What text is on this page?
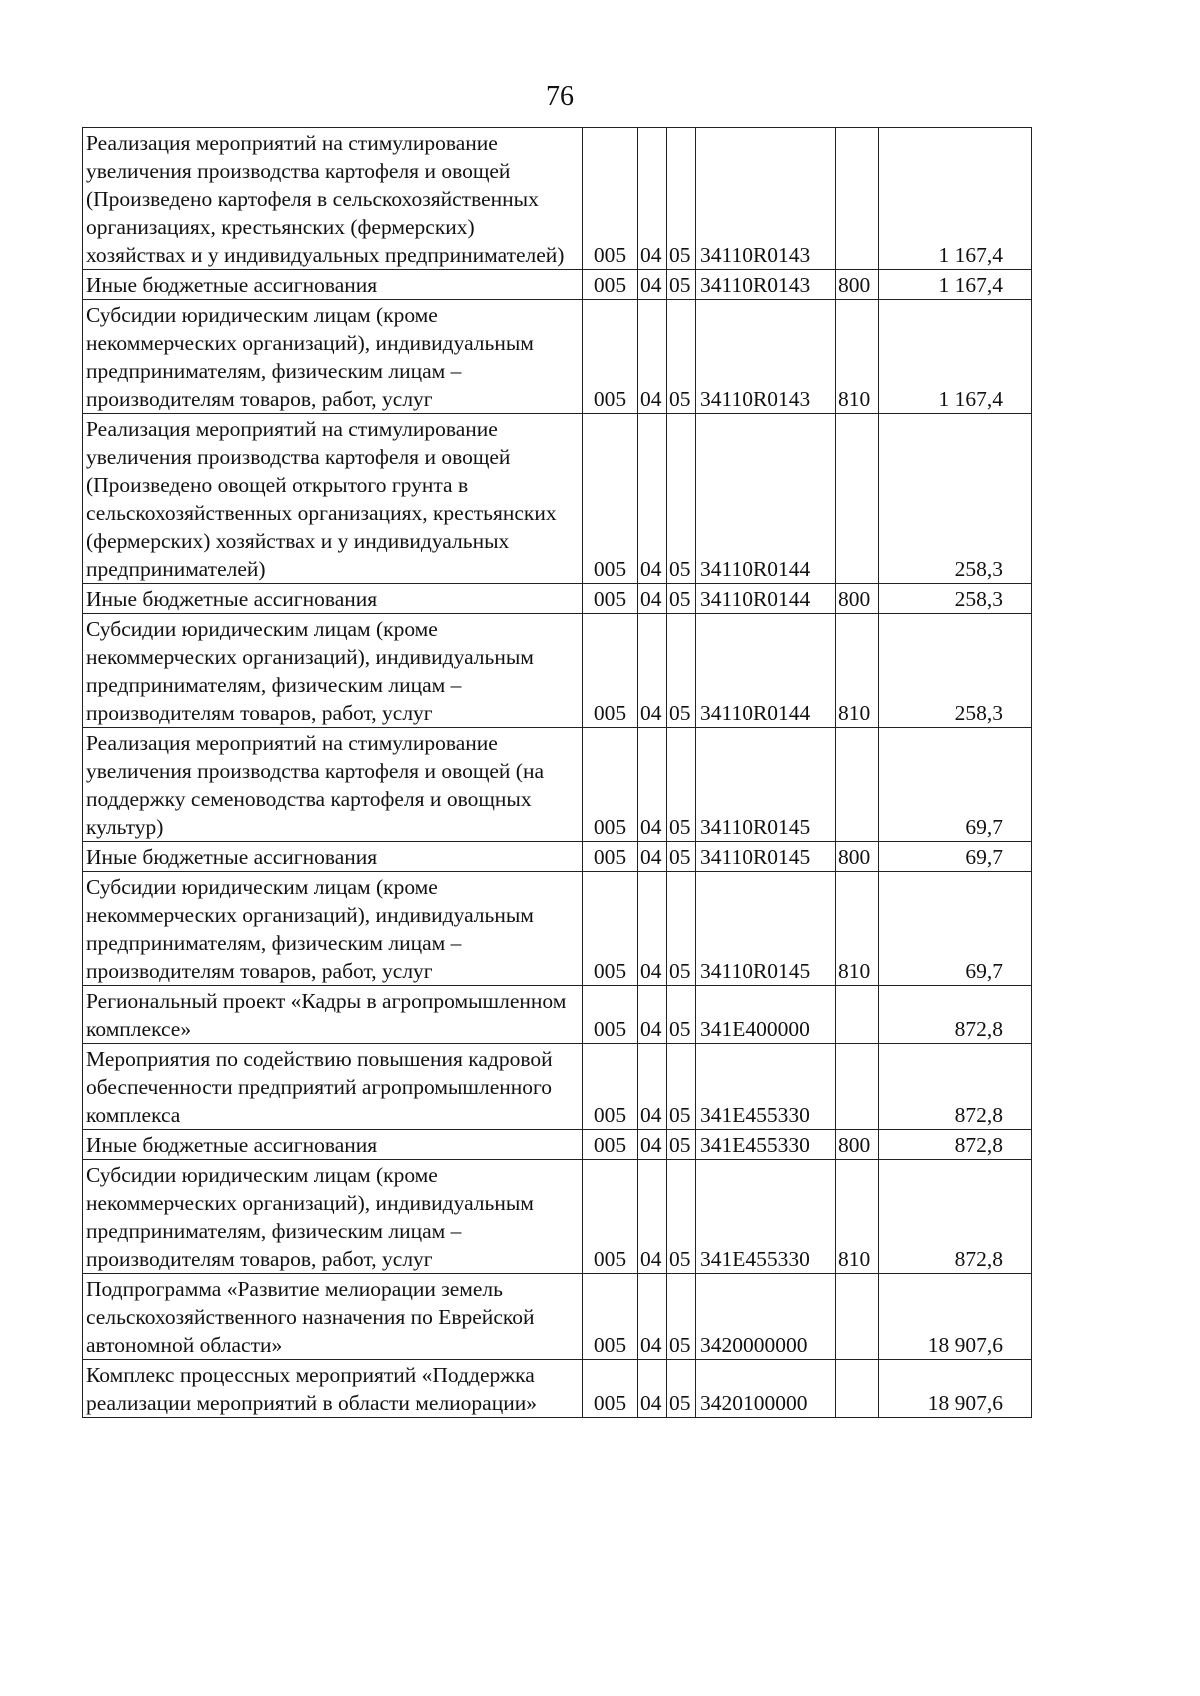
76
Реализация мероприятий на стимулирование увеличения производства картофеля и овощей (Произведено картофеля в сельскохозяйственных организациях, крестьянских (фермерских) хозяйствах и у индивидуальных предпринимателей)	005	04	05	34110R0143		1 167,4
Иные бюджетные ассигнования	005	04	05	34110R0143	800	1 167,4
Субсидии юридическим лицам (кроме некоммерческих организаций), индивидуальным предпринимателям, физическим лицам – производителям товаров, работ, услуг	005	04	05	34110R0143	810	1 167,4
Реализация мероприятий на стимулирование увеличения производства картофеля и овощей (Произведено овощей открытого грунта в сельскохозяйственных организациях, крестьянских (фермерских) хозяйствах и у индивидуальных предпринимателей)	005	04	05	34110R0144		258,3
Иные бюджетные ассигнования	005	04	05	34110R0144	800	258,3
Субсидии юридическим лицам (кроме некоммерческих организаций), индивидуальным предпринимателям, физическим лицам – производителям товаров, работ, услуг	005	04	05	34110R0144	810	258,3
Реализация мероприятий на стимулирование увеличения производства картофеля и овощей (на поддержку семеноводства картофеля и овощных культур)	005	04	05	34110R0145		69,7
Иные бюджетные ассигнования	005	04	05	34110R0145	800	69,7
Субсидии юридическим лицам (кроме некоммерческих организаций), индивидуальным предпринимателям, физическим лицам – производителям товаров, работ, услуг	005	04	05	34110R0145	810	69,7
Региональный проект «Кадры в агропромышленном комплексе»	005	04	05	341E400000		872,8
Мероприятия по содействию повышения кадровой обеспеченности предприятий агропромышленного комплекса	005	04	05	341E455330		872,8
Иные бюджетные ассигнования	005	04	05	341E455330	800	872,8
Субсидии юридическим лицам (кроме некоммерческих организаций), индивидуальным предпринимателям, физическим лицам – производителям товаров, работ, услуг	005	04	05	341E455330	810	872,8
Подпрограмма «Развитие мелиорации земель сельскохозяйственного назначения по Еврейской автономной области»	005	04	05	3420000000		18 907,6
Комплекс процессных мероприятий «Поддержка реализации мероприятий в области мелиорации»	005	04	05	3420100000		18 907,6
